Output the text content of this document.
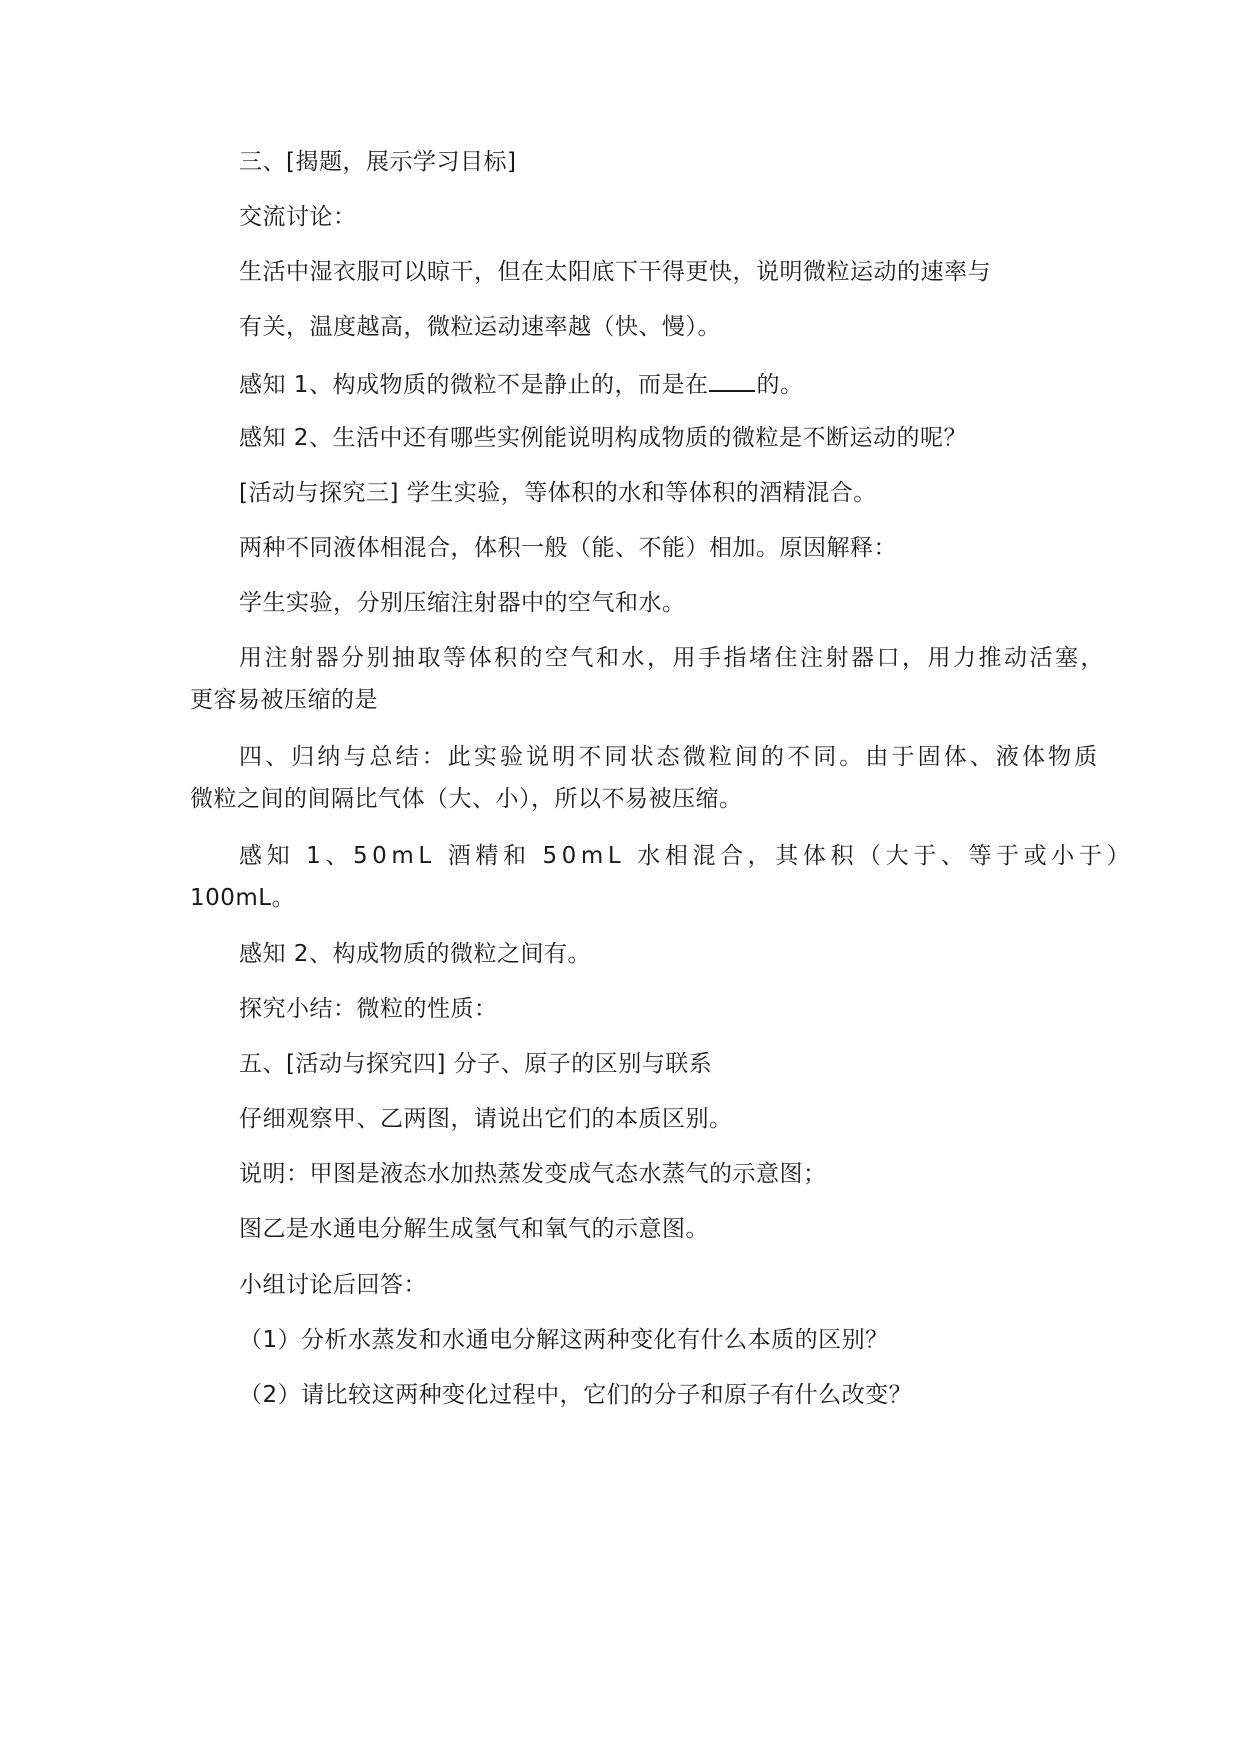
三、[揭题，展示学习目标]
交流讨论：
生活中湿衣服可以晾干，但在太阳底下干得更快，说明微粒运动的速率与
有关，温度越高，微粒运动速率越（快、慢）。
感知 1、构成物质的微粒不是静止的，而是在 的。
感知 2、生活中还有哪些实例能说明构成物质的微粒是不断运动的呢？
[活动与探究三] 学生实验，等体积的水和等体积的酒精混合。
两种不同液体相混合，体积一般（能、不能）相加。原因解释：
学生实验，分别压缩注射器中的空气和水。
用注射器分别抽取等体积的空气和水，用手指堵住注射器口，用力推动活塞，
更容易被压缩的是
四、归纳与总结：此实验说明不同状态微粒间的不同。由于固体、液体物质
微粒之间的间隔比气体（大、小），所以不易被压缩。
感知 1、50mL 酒精和 50mL 水相混合，其体积（大于、等于或小于）
100mL。
感知 2、构成物质的微粒之间有。
探究小结：微粒的性质：
五、[活动与探究四] 分子、原子的区别与联系
仔细观察甲、乙两图，请说出它们的本质区别。
说明：甲图是液态水加热蒸发变成气态水蒸气的示意图；
图乙是水通电分解生成氢气和氧气的示意图。
小组讨论后回答：
（1）分析水蒸发和水通电分解这两种变化有什么本质的区别？
（2）请比较这两种变化过程中，它们的分子和原子有什么改变？
